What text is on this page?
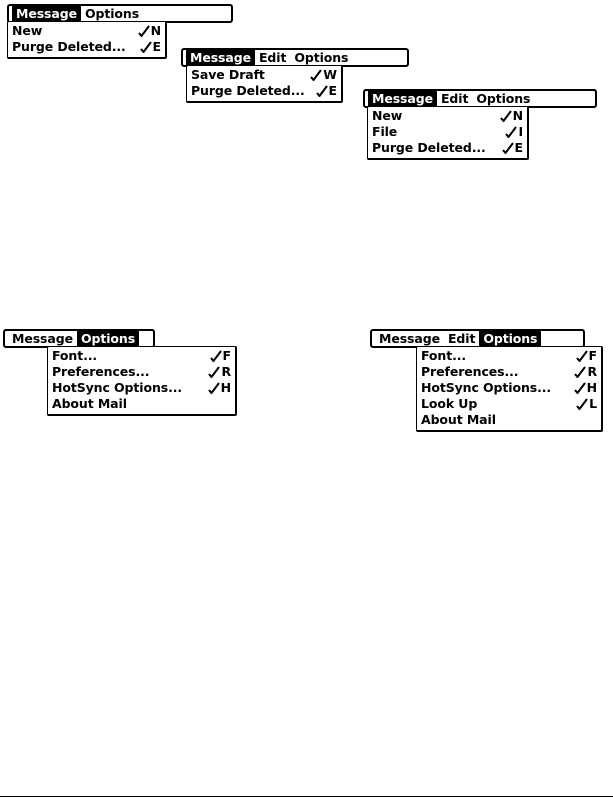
Message Options
New	N
Purge Deleted... E
Message Edit Options
Save Draft	W
Purge Deleted... E
Message Edit Options
New	N
File	I
Purge Deleted... E
Message Options
Font...	F
Preferences...	R
HotSync Options...	H
About Mail
Message Edit Options
Font...	F
Preferences...	R
HotSync Options...	H
Look Up	L
About Mail
